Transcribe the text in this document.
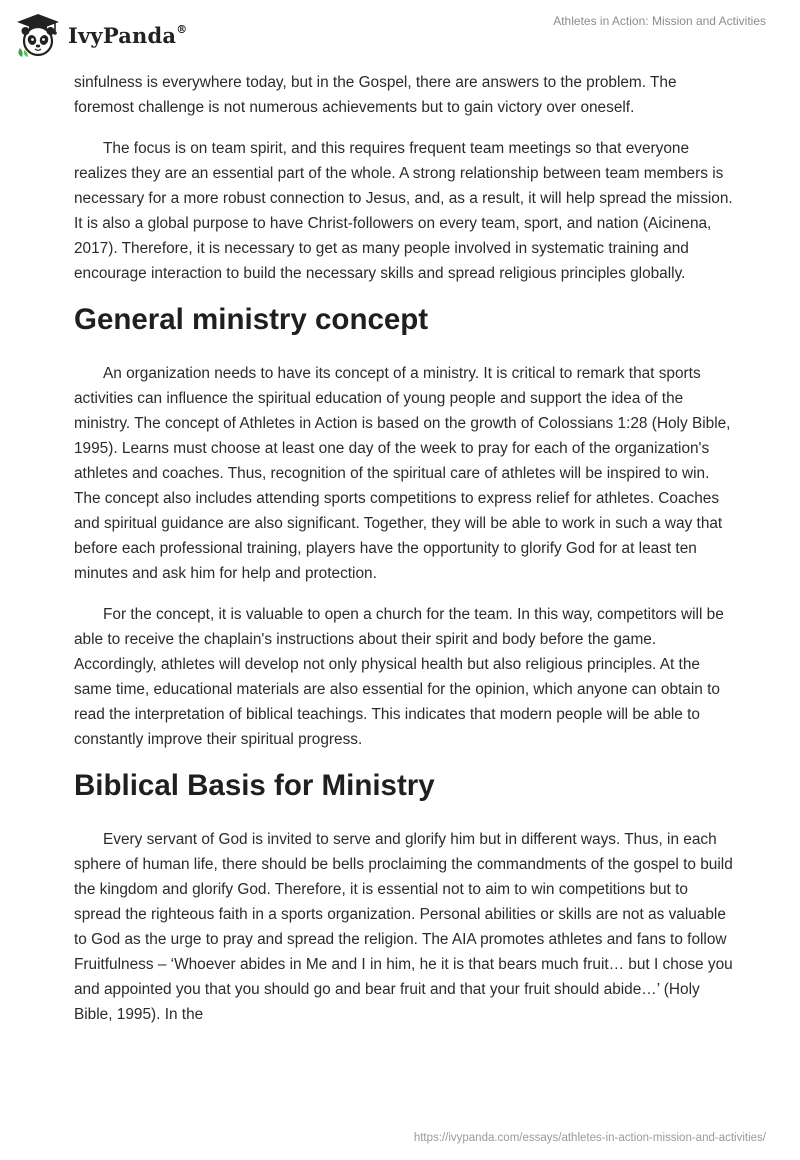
IvyPanda®
Athletes in Action: Mission and Activities

sinfulness is everywhere today, but in the Gospel, there are answers to the problem. The foremost challenge is not numerous achievements but to gain victory over oneself.

The focus is on team spirit, and this requires frequent team meetings so that everyone realizes they are an essential part of the whole. A strong relationship between team members is necessary for a more robust connection to Jesus, and, as a result, it will help spread the mission. It is also a global purpose to have Christ-followers on every team, sport, and nation (Aicinena, 2017). Therefore, it is necessary to get as many people involved in systematic training and encourage interaction to build the necessary skills and spread religious principles globally.

General ministry concept

An organization needs to have its concept of a ministry. It is critical to remark that sports activities can influence the spiritual education of young people and support the idea of the ministry. The concept of Athletes in Action is based on the growth of Colossians 1:28 (Holy Bible, 1995). Learns must choose at least one day of the week to pray for each of the organization's athletes and coaches. Thus, recognition of the spiritual care of athletes will be inspired to win. The concept also includes attending sports competitions to express relief for athletes. Coaches and spiritual guidance are also significant. Together, they will be able to work in such a way that before each professional training, players have the opportunity to glorify God for at least ten minutes and ask him for help and protection.

For the concept, it is valuable to open a church for the team. In this way, competitors will be able to receive the chaplain's instructions about their spirit and body before the game. Accordingly, athletes will develop not only physical health but also religious principles. At the same time, educational materials are also essential for the opinion, which anyone can obtain to read the interpretation of biblical teachings. This indicates that modern people will be able to constantly improve their spiritual progress.

Biblical Basis for Ministry

Every servant of God is invited to serve and glorify him but in different ways. Thus, in each sphere of human life, there should be bells proclaiming the commandments of the gospel to build the kingdom and glorify God. Therefore, it is essential not to aim to win competitions but to spread the righteous faith in a sports organization. Personal abilities or skills are not as valuable to God as the urge to pray and spread the religion. The AIA promotes athletes and fans to follow Fruitfulness – ‘Whoever abides in Me and I in him, he it is that bears much fruit… but I chose you and appointed you that you should go and bear fruit and that your fruit should abide…’ (Holy Bible, 1995). In the

https://ivypanda.com/essays/athletes-in-action-mission-and-activities/
